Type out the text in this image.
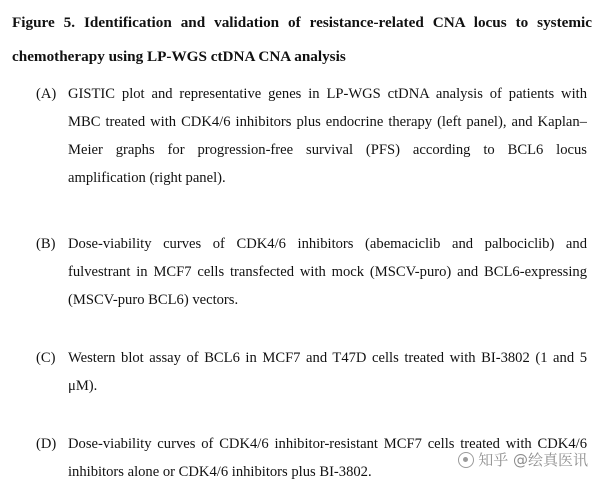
Figure 5. Identification and validation of resistance-related CNA locus to systemic
chemotherapy using LP-WGS ctDNA CNA analysis
(A) GISTIC plot and representative genes in LP-WGS ctDNA analysis of patients with
MBC treated with CDK4/6 inhibitors plus endocrine therapy (left panel), and Kaplan–
Meier graphs for progression-free survival (PFS) according to BCL6 locus
amplification (right panel).
(B) Dose-viability curves of CDK4/6 inhibitors (abemaciclib and palbociclib) and
fulvestrant in MCF7 cells transfected with mock (MSCV-puro) and BCL6-expressing
(MSCV-puro BCL6) vectors.
(C) Western blot assay of BCL6 in MCF7 and T47D cells treated with BI-3802 (1 and 5
μM).
(D) Dose-viability curves of CDK4/6 inhibitor-resistant MCF7 cells treated with CDK4/6
inhibitors alone or CDK4/6 inhibitors plus BI-3802.
知乎 @绘真医讯
